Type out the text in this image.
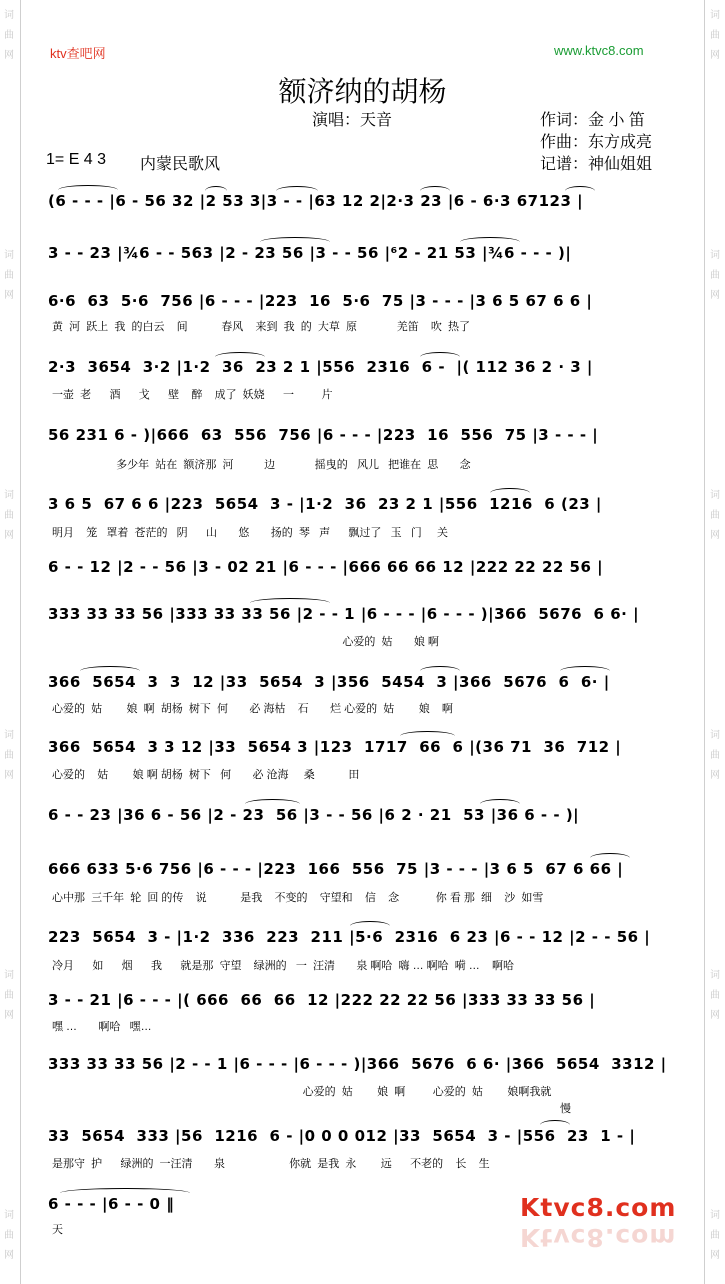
词
曲
网
词
曲
网
词
曲
网
词
曲
网
词
曲
网
词
曲
网
词
曲
网
词
曲
网
词
曲
网
词
曲
网
词
曲
网
词
曲
网
ktv查吧网	www.ktvc8.com
额济纳的胡杨
演唱：天音	作词：金 小 笛
作曲：东方成亮
1= E 4 3 内蒙民歌风	记谱：神仙姐姐
(6 - - - |6 - 56 32 |2 53 3|3 - - |63 12 2|2·3 23 |6 - 6·3 67123 |
3 - - 23 |¾6 - - 563 |2 - 23 56 |3 - - 56 |⁶2 - 21 53 |¾6 - - - )|
6·6  63  5·6  756 |6 - - - |223  16  5·6  75 |3 - - - |3 6 5 67 6 6 |
黄  河  跃上  我  的白云    间           春风    来到  我  的  大草  原             羌笛    吹  热了
2·3  3654  3·2 |1·2  36  23 2 1 |556  2316  6 -  |( 112 36 2 · 3 |
一壶  老      酒      戈      壁    醉    成了  妖娆      一         片
56 231 6 - )|666  63  556  756 |6 - - - |223  16  556  75 |3 - - - |
多少年  站在  额济那  河          边             摇曳的   风儿   把谁在  思       念
3 6 5  67 6 6 |223  5654  3 - |1·2  36  23 2 1 |556  1216  6 (23 |
明月    笼   罩着  苍茫的   阴      山       悠       扬的  琴   声      飘过了   玉   门     关
6 - - 12 |2 - - 56 |3 - 02 21 |6 - - - |666 66 66 12 |222 22 22 56 |
333 33 33 56 |333 33 33 56 |2 - - 1 |6 - - - |6 - - - )|366  5676  6 6· |
心爱的  姑       娘 啊
366  5654  3  3  12 |33  5654  3 |356  5454  3 |366  5676  6  6· |
心爱的  姑        娘  啊  胡杨  树下  何       必 海枯    石       烂 心爱的  姑        娘    啊
366  5654  3 3 12 |33  5654 3 |123  1717  66  6 |(36 71  36  712 |
心爱的    姑        娘 啊 胡杨  树下   何       必 沧海     桑           田
6 - - 23 |36 6 - 56 |2 - 23  56 |3 - - 56 |6 2 · 21  53 |36 6 - - )|
666 633 5·6 756 |6 - - - |223  166  556  75 |3 - - - |3 6 5  67 6 66 |
心中那  三千年  轮  回 的传    说           是我    不变的    守望和    信    念            你 看 那  细    沙  如雪
223  5654  3 - |1·2  336  223  211 |5·6  2316  6 23 |6 - - 12 |2 - - 56 |
冷月      如      烟      我      就是那  守望    绿洲的   一  汪清       泉 啊哈  嗨 … 啊哈  嗬 …    啊哈
3 - - 21 |6 - - - |( 666  66  66  12 |222 22 22 56 |333 33 33 56 |
嘿 …       啊哈   嘿…
333 33 33 56 |2 - - 1 |6 - - - |6 - - - )|366  5676  6 6· |366  5654  3312 |
心爱的  姑        娘  啊         心爱的  姑        娘啊我就
慢
33  5654  333 |56  1216  6 - |0 0 0 012 |33  5654  3 - |556  23  1 - |
是那守  护      绿洲的  一汪清       泉                     你就  是我  永        远      不老的    长    生
6 - - - |6 - - 0 ‖
天
Ktvc8.com
Ktvc8.com
